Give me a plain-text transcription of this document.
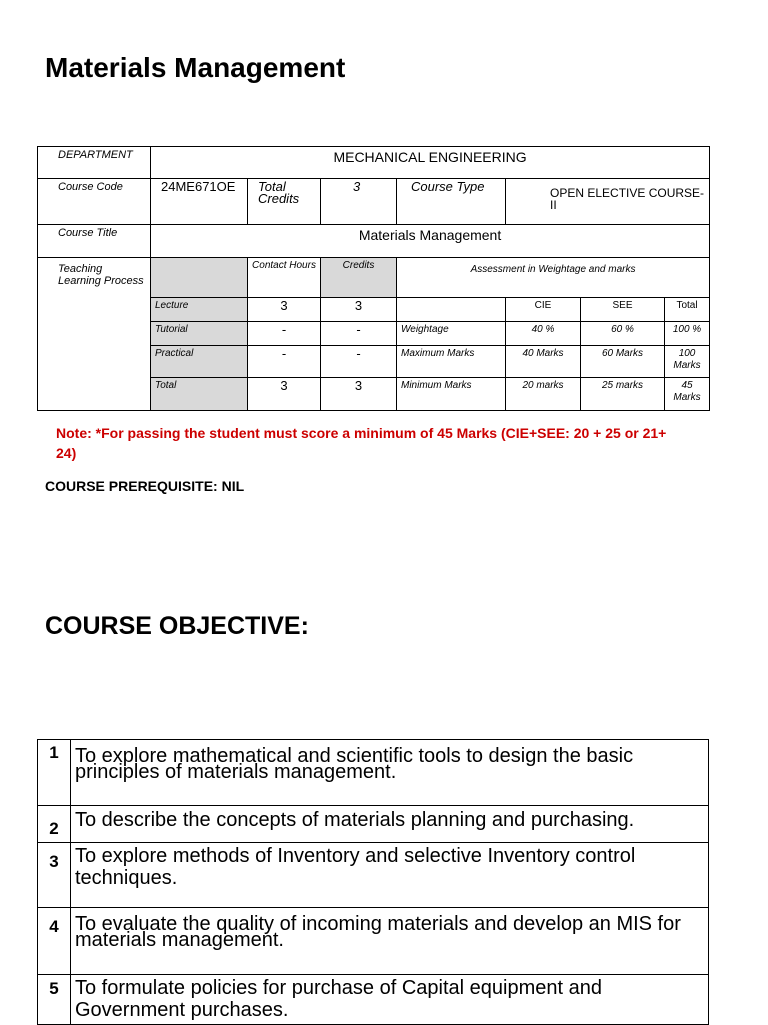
Materials Management
DEPARTMENT	MECHANICAL ENGINEERING						
Course Code	24ME671OE	Total Credits	3	Course Type	OPEN ELECTIVE COURSE- II		
Course Title	Materials Management						
Teaching Learning Process		Contact Hours	Credits	Assessment in Weightage and marks			
	Lecture	3	3		CIE	SEE	Total
	Tutorial	-	-	Weightage	40 %	60 %	100 %
	Practical	-	-	Maximum Marks	40 Marks	60 Marks	100 Marks
	Total	3	3	Minimum Marks	20 marks	25 marks	45 Marks
Note: *For passing the student must score a minimum of 45 Marks (CIE+SEE: 20 + 25 or 21+ 24)
COURSE PREREQUISITE: NIL
COURSE OBJECTIVE:
1	To explore mathematical and scientific tools to design the basic principles of materials management.
2	To describe the concepts of materials planning and purchasing.
3	To explore methods of Inventory and selective Inventory control techniques.
4	To evaluate the quality of incoming materials and develop an MIS for materials management.
5	To formulate policies for purchase of Capital equipment and Government purchases.
